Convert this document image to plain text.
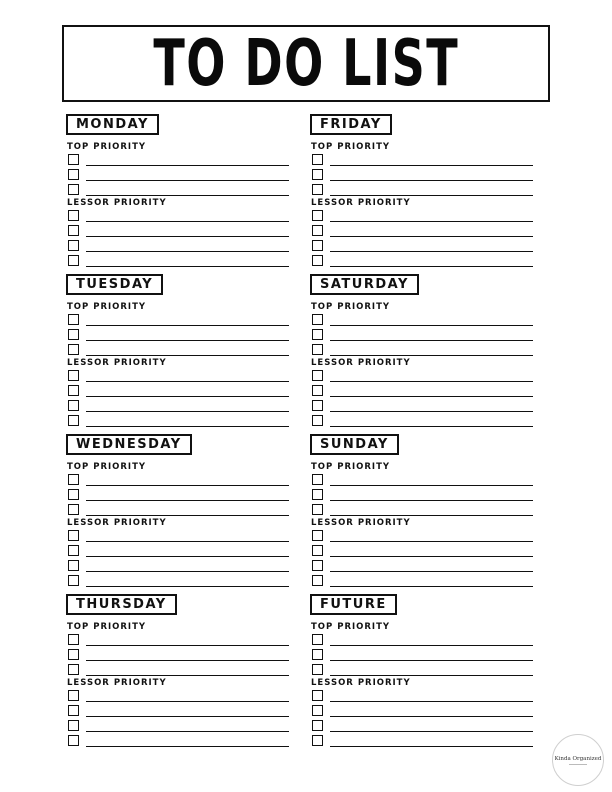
TO DO LIST
MONDAY
TOP PRIORITY
LESSOR PRIORITY
TUESDAY
TOP PRIORITY
LESSOR PRIORITY
WEDNESDAY
TOP PRIORITY
LESSOR PRIORITY
THURSDAY
TOP PRIORITY
LESSOR PRIORITY
FRIDAY
TOP PRIORITY
LESSOR PRIORITY
SATURDAY
TOP PRIORITY
LESSOR PRIORITY
SUNDAY
TOP PRIORITY
LESSOR PRIORITY
FUTURE
TOP PRIORITY
LESSOR PRIORITY
Kinda Organized
